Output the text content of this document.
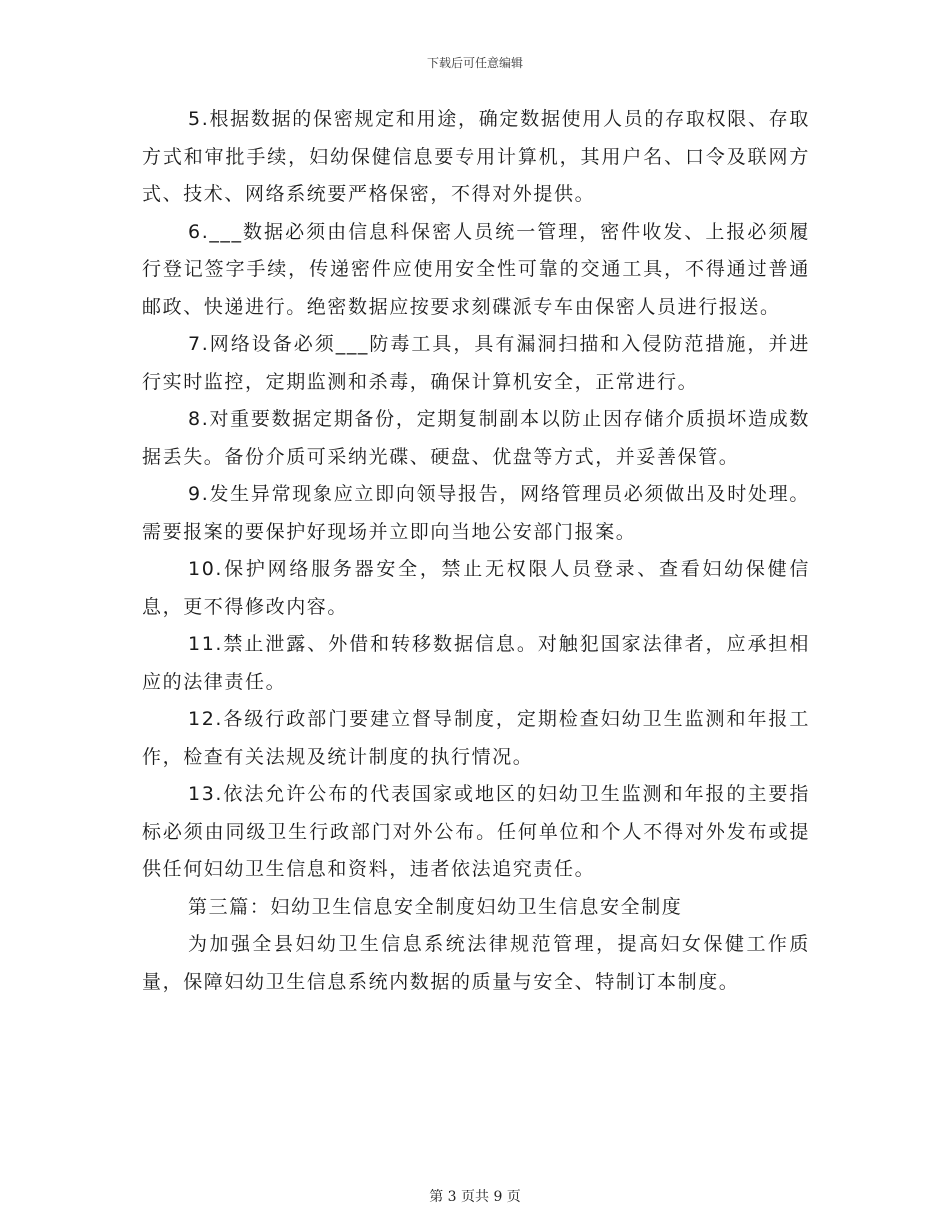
下载后可任意编辑

5.根据数据的保密规定和用途，确定数据使用人员的存取权限、存取方式和审批手续，妇幼保健信息要专用计算机，其用户名、口令及联网方式、技术、网络系统要严格保密，不得对外提供。

6.___数据必须由信息科保密人员统一管理，密件收发、上报必须履行登记签字手续，传递密件应使用安全性可靠的交通工具，不得通过普通邮政、快递进行。绝密数据应按要求刻碟派专车由保密人员进行报送。

7.网络设备必须___防毒工具，具有漏洞扫描和入侵防范措施，并进行实时监控，定期监测和杀毒，确保计算机安全，正常进行。

8.对重要数据定期备份，定期复制副本以防止因存储介质损坏造成数据丢失。备份介质可采纳光碟、硬盘、优盘等方式，并妥善保管。

9.发生异常现象应立即向领导报告，网络管理员必须做出及时处理。需要报案的要保护好现场并立即向当地公安部门报案。

10.保护网络服务器安全，禁止无权限人员登录、查看妇幼保健信息，更不得修改内容。

11.禁止泄露、外借和转移数据信息。对触犯国家法律者，应承担相应的法律责任。

12.各级行政部门要建立督导制度，定期检查妇幼卫生监测和年报工作，检查有关法规及统计制度的执行情况。

13.依法允许公布的代表国家或地区的妇幼卫生监测和年报的主要指标必须由同级卫生行政部门对外公布。任何单位和个人不得对外发布或提供任何妇幼卫生信息和资料，违者依法追究责任。

第三篇：妇幼卫生信息安全制度妇幼卫生信息安全制度

为加强全县妇幼卫生信息系统法律规范管理，提高妇女保健工作质量，保障妇幼卫生信息系统内数据的质量与安全、特制订本制度。

第 3 页共 9 页
